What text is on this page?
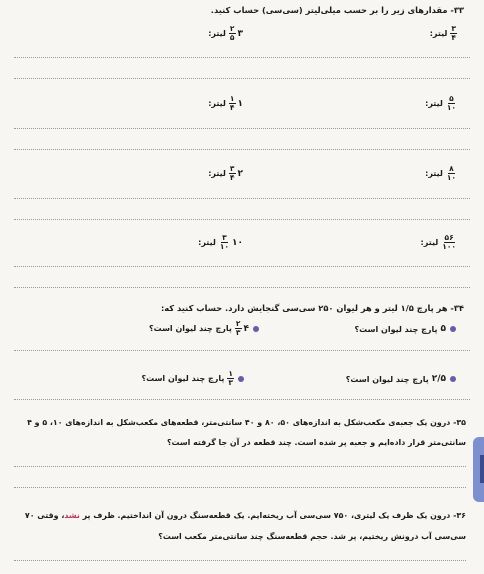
۳۳- مقدارهای زیر را بر حسب میلی‌لیتر (سی‌سی) حساب کنید.
$\frac{۳}{۴}$
لیتر:
۳
$\frac{۲}{۵}$
لیتر:
$\frac{۵}{۱۰}$
لیتر:
۱
$\frac{۱}{۴}$
لیتر:
$\frac{۸}{۱۰}$
لیتر:
۲
$\frac{۳}{۴}$
لیتر:
$\frac{۵۶}{۱۰۰}$
لیتر:
۱۰
$\frac{۳}{۱۰}$
لیتر:
۳۴- هر پارچ ۱/۵ لیتر و هر لیوان ۲۵۰ سی‌سی گنجایش دارد. حساب کنید که:
۵
پارچ چند لیوان است؟
۴
$\frac{۲}{۳}$
پارچ چند لیوان است؟
۲/۵
پارچ چند لیوان است؟
$\frac{۱}{۳}$
پارچ چند لیوان است؟
۳۵- درون یک جعبه‌ی مکعب‌شکل به اندازه‌های ۵۰، ۸۰ و ۴۰ سانتی‌متر، قطعه‌های مکعب‌شکل به اندازه‌های ۱۰، ۵ و ۴
سانتی‌متر قرار داده‌ایم و جعبه پر شده است. چند قطعه در آن جا گرفته است؟
۳۶- درون یک ظرف یک لیتری، ۷۵۰ سی‌سی آب ریخته‌ایم. یک قطعه‌سنگ درون آن انداختیم. ظرف پر نشد، وقتی ۷۰
سی‌سی آب درونش ریختیم، پر شد. حجم قطعه‌سنگ چند سانتی‌متر مکعب است؟
